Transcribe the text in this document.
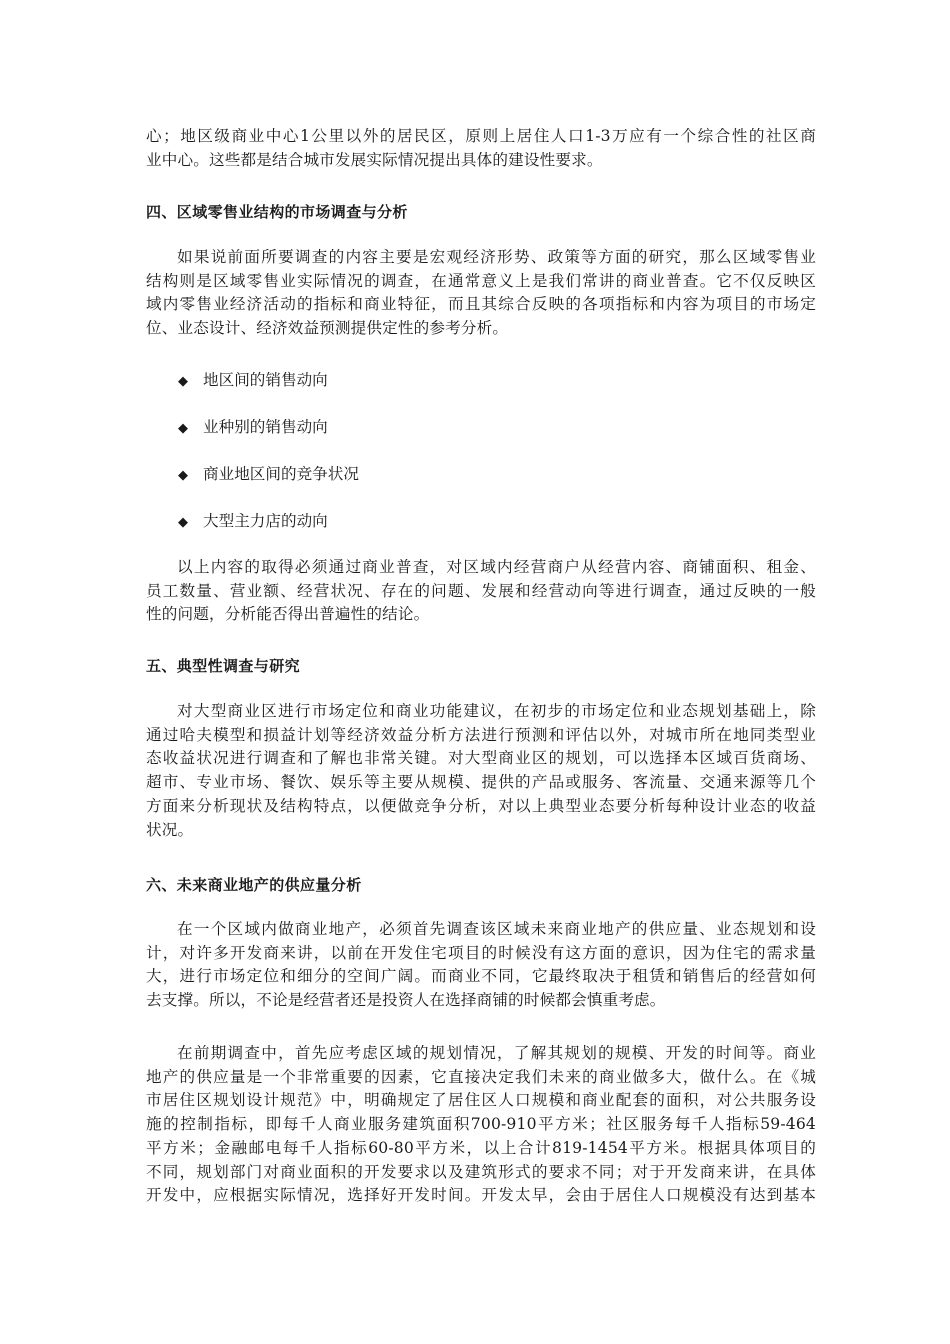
心；地区级商业中心1公里以外的居民区，原则上居住人口1-3万应有一个综合性的社区商
业中心。这些都是结合城市发展实际情况提出具体的建设性要求。
四、区域零售业结构的市场调查与分析
如果说前面所要调查的内容主要是宏观经济形势、政策等方面的研究，那么区域零售业
结构则是区域零售业实际情况的调查，在通常意义上是我们常讲的商业普查。它不仅反映区
域内零售业经济活动的指标和商业特征，而且其综合反映的各项指标和内容为项目的市场定
位、业态设计、经济效益预测提供定性的参考分析。
◆ 地区间的销售动向
◆ 业种别的销售动向
◆ 商业地区间的竞争状况
◆ 大型主力店的动向
以上内容的取得必须通过商业普查，对区域内经营商户从经营内容、商铺面积、租金、
员工数量、营业额、经营状况、存在的问题、发展和经营动向等进行调查，通过反映的一般
性的问题，分析能否得出普遍性的结论。
五、典型性调查与研究
对大型商业区进行市场定位和商业功能建议，在初步的市场定位和业态规划基础上，除
通过哈夫模型和损益计划等经济效益分析方法进行预测和评估以外，对城市所在地同类型业
态收益状况进行调查和了解也非常关键。对大型商业区的规划，可以选择本区域百货商场、
超市、专业市场、餐饮、娱乐等主要从规模、提供的产品或服务、客流量、交通来源等几个
方面来分析现状及结构特点，以便做竞争分析，对以上典型业态要分析每种设计业态的收益
状况。
六、未来商业地产的供应量分析
在一个区域内做商业地产，必须首先调查该区域未来商业地产的供应量、业态规划和设
计，对许多开发商来讲，以前在开发住宅项目的时候没有这方面的意识，因为住宅的需求量
大，进行市场定位和细分的空间广阔。而商业不同，它最终取决于租赁和销售后的经营如何
去支撑。所以，不论是经营者还是投资人在选择商铺的时候都会慎重考虑。
在前期调查中，首先应考虑区域的规划情况，了解其规划的规模、开发的时间等。商业
地产的供应量是一个非常重要的因素，它直接决定我们未来的商业做多大，做什么。在《城
市居住区规划设计规范》中，明确规定了居住区人口规模和商业配套的面积，对公共服务设
施的控制指标，即每千人商业服务建筑面积700-910平方米；社区服务每千人指标59-464
平方米；金融邮电每千人指标60-80平方米，以上合计819-1454平方米。根据具体项目的
不同，规划部门对商业面积的开发要求以及建筑形式的要求不同；对于开发商来讲，在具体
开发中，应根据实际情况，选择好开发时间。开发太早，会由于居住人口规模没有达到基本
